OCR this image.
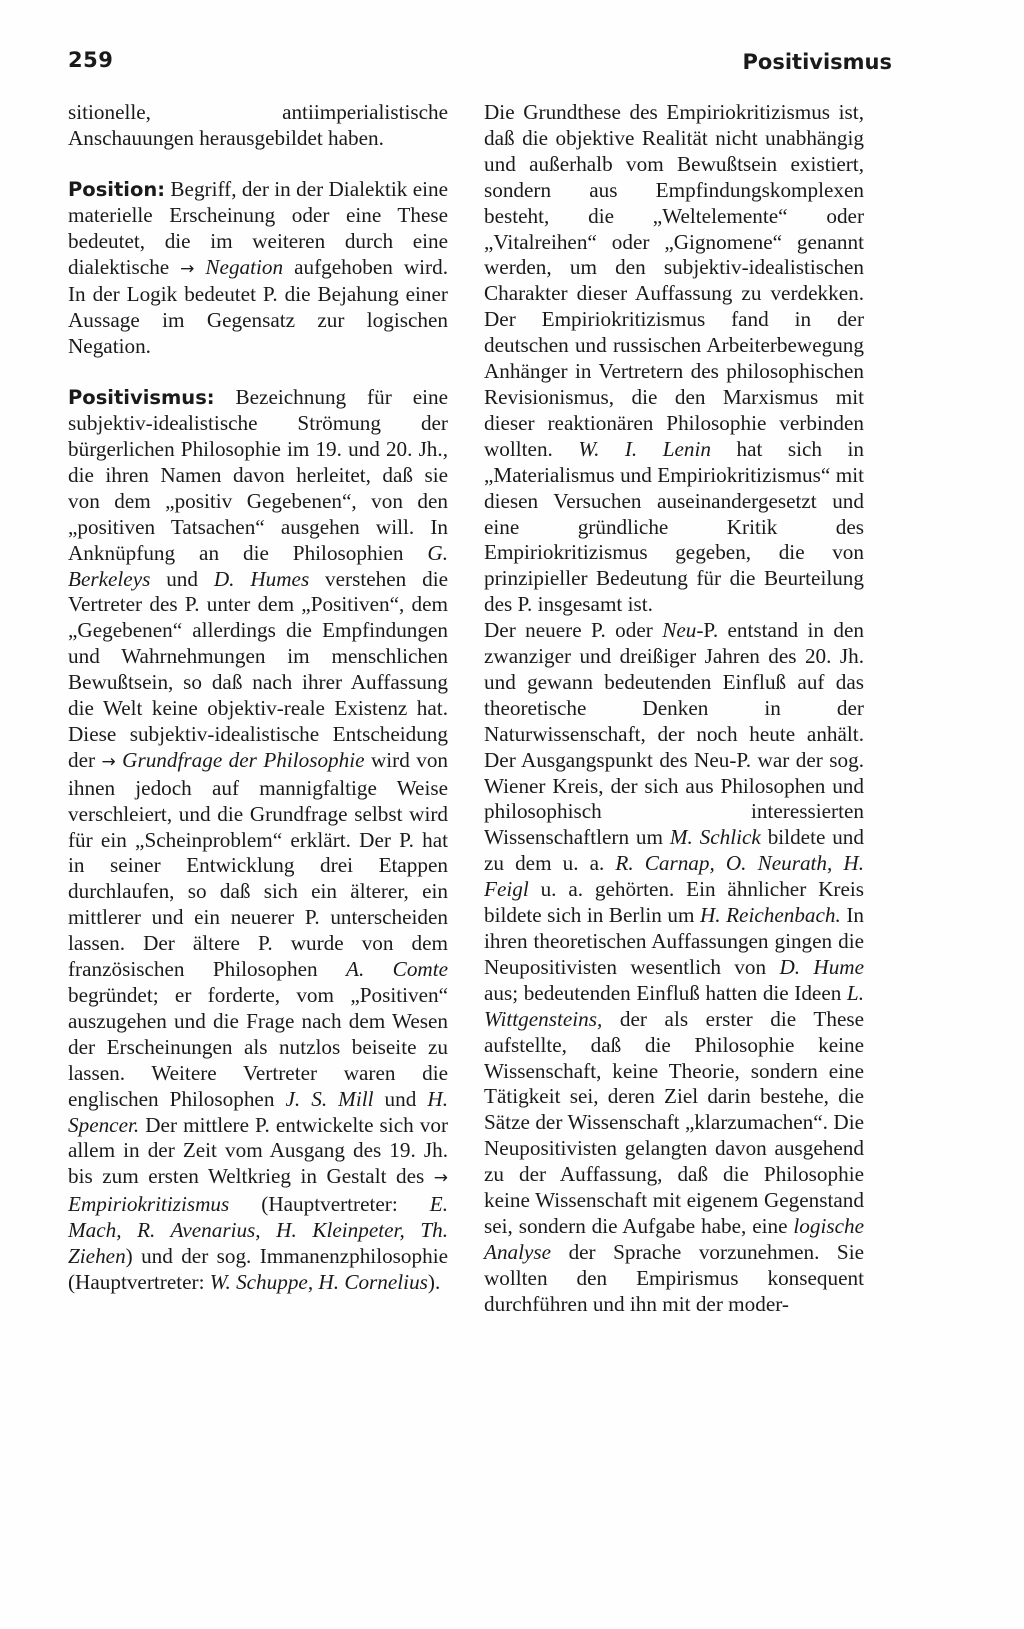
259	Positivismus

sitionelle, antiimperialistische Anschauungen herausgebildet haben.

Position: Begriff, der in der Dialektik eine materielle Erscheinung oder eine These bedeutet, die im weiteren durch eine dialektische → Negation aufgehoben wird. In der Logik bedeutet P. die Bejahung einer Aussage im Gegensatz zur logischen Negation.

Positivismus: Bezeichnung für eine subjektiv-idealistische Strömung der bürgerlichen Philosophie im 19. und 20. Jh., die ihren Namen davon herleitet, daß sie von dem „positiv Gegebenen“, von den „positiven Tatsachen“ ausgehen will. In Anknüpfung an die Philosophien G. Berkeleys und D. Humes verstehen die Vertreter des P. unter dem „Positiven“, dem „Gegebenen“ allerdings die Empfindungen und Wahrnehmungen im menschlichen Bewußtsein, so daß nach ihrer Auffassung die Welt keine objektiv-reale Existenz hat. Diese subjektiv-idealistische Entscheidung der → Grundfrage der Philosophie wird von ihnen jedoch auf mannigfaltige Weise verschleiert, und die Grundfrage selbst wird für ein „Scheinproblem“ erklärt. Der P. hat in seiner Entwicklung drei Etappen durchlaufen, so daß sich ein älterer, ein mittlerer und ein neuerer P. unterscheiden lassen. Der ältere P. wurde von dem französischen Philosophen A. Comte begründet; er forderte, vom „Positiven“ auszugehen und die Frage nach dem Wesen der Erscheinungen als nutzlos beiseite zu lassen. Weitere Vertreter waren die englischen Philosophen J. S. Mill und H. Spencer. Der mittlere P. entwickelte sich vor allem in der Zeit vom Ausgang des 19. Jh. bis zum ersten Weltkrieg in Gestalt des → Empiriokritizismus (Hauptvertreter: E. Mach, R. Avenarius, H. Kleinpeter, Th. Ziehen) und der sog. Immanenzphilosophie (Hauptvertreter: W. Schuppe, H. Cornelius).

Die Grundthese des Empiriokritizismus ist, daß die objektive Realität nicht unabhängig und außerhalb vom Bewußtsein existiert, sondern aus Empfindungskomplexen besteht, die „Weltelemente“ oder „Vitalreihen“ oder „Gignomene“ genannt werden, um den subjektiv-idealistischen Charakter dieser Auffassung zu verdekken. Der Empiriokritizismus fand in der deutschen und russischen Arbeiterbewegung Anhänger in Vertretern des philosophischen Revisionismus, die den Marxismus mit dieser reaktionären Philosophie verbinden wollten. W. I. Lenin hat sich in „Materialismus und Empiriokritizismus“ mit diesen Versuchen auseinandergesetzt und eine gründliche Kritik des Empiriokritizismus gegeben, die von prinzipieller Bedeutung für die Beurteilung des P. insgesamt ist.

Der neuere P. oder Neu-P. entstand in den zwanziger und dreißiger Jahren des 20. Jh. und gewann bedeutenden Einfluß auf das theoretische Denken in der Naturwissenschaft, der noch heute anhält. Der Ausgangspunkt des Neu-P. war der sog. Wiener Kreis, der sich aus Philosophen und philosophisch interessierten Wissenschaftlern um M. Schlick bildete und zu dem u. a. R. Carnap, O. Neurath, H. Feigl u. a. gehörten. Ein ähnlicher Kreis bildete sich in Berlin um H. Reichenbach. In ihren theoretischen Auffassungen gingen die Neupositivisten wesentlich von D. Hume aus; bedeutenden Einfluß hatten die Ideen L. Wittgensteins, der als erster die These aufstellte, daß die Philosophie keine Wissenschaft, keine Theorie, sondern eine Tätigkeit sei, deren Ziel darin bestehe, die Sätze der Wissenschaft „klarzumachen“. Die Neupositivisten gelangten davon ausgehend zu der Auffassung, daß die Philosophie keine Wissenschaft mit eigenem Gegenstand sei, sondern die Aufgabe habe, eine logische Analyse der Sprache vorzunehmen. Sie wollten den Empirismus konsequent durchführen und ihn mit der moder-
